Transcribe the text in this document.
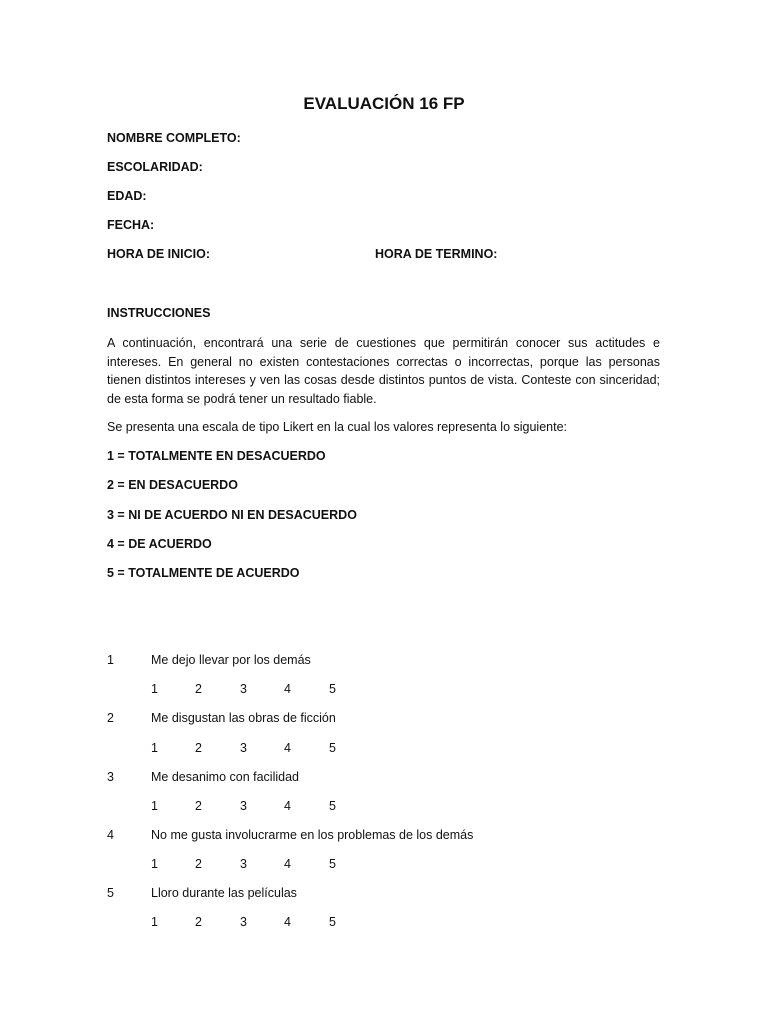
EVALUACIÓN 16 FP
NOMBRE COMPLETO:
ESCOLARIDAD:
EDAD:
FECHA:
HORA DE INICIO:	HORA DE TERMINO:
INSTRUCCIONES
A continuación, encontrará una serie de cuestiones que permitirán conocer sus actitudes e intereses. En general no existen contestaciones correctas o incorrectas, porque las personas tienen distintos intereses y ven las cosas desde distintos puntos de vista. Conteste con sinceridad; de esta forma se podrá tener un resultado fiable.
Se presenta una escala de tipo Likert en la cual los valores representa lo siguiente:
1 = TOTALMENTE EN DESACUERDO
2 = EN DESACUERDO
3 = NI DE ACUERDO NI EN DESACUERDO
4 = DE ACUERDO
5 = TOTALMENTE DE ACUERDO
1	Me dejo llevar por los demás
1	2	3	4	5
2	Me disgustan las obras de ficción
1	2	3	4	5
3	Me desanimo con facilidad
1	2	3	4	5
4	No me gusta involucrarme en los problemas de los demás
1	2	3	4	5
5	Lloro durante las películas
1	2	3	4	5
